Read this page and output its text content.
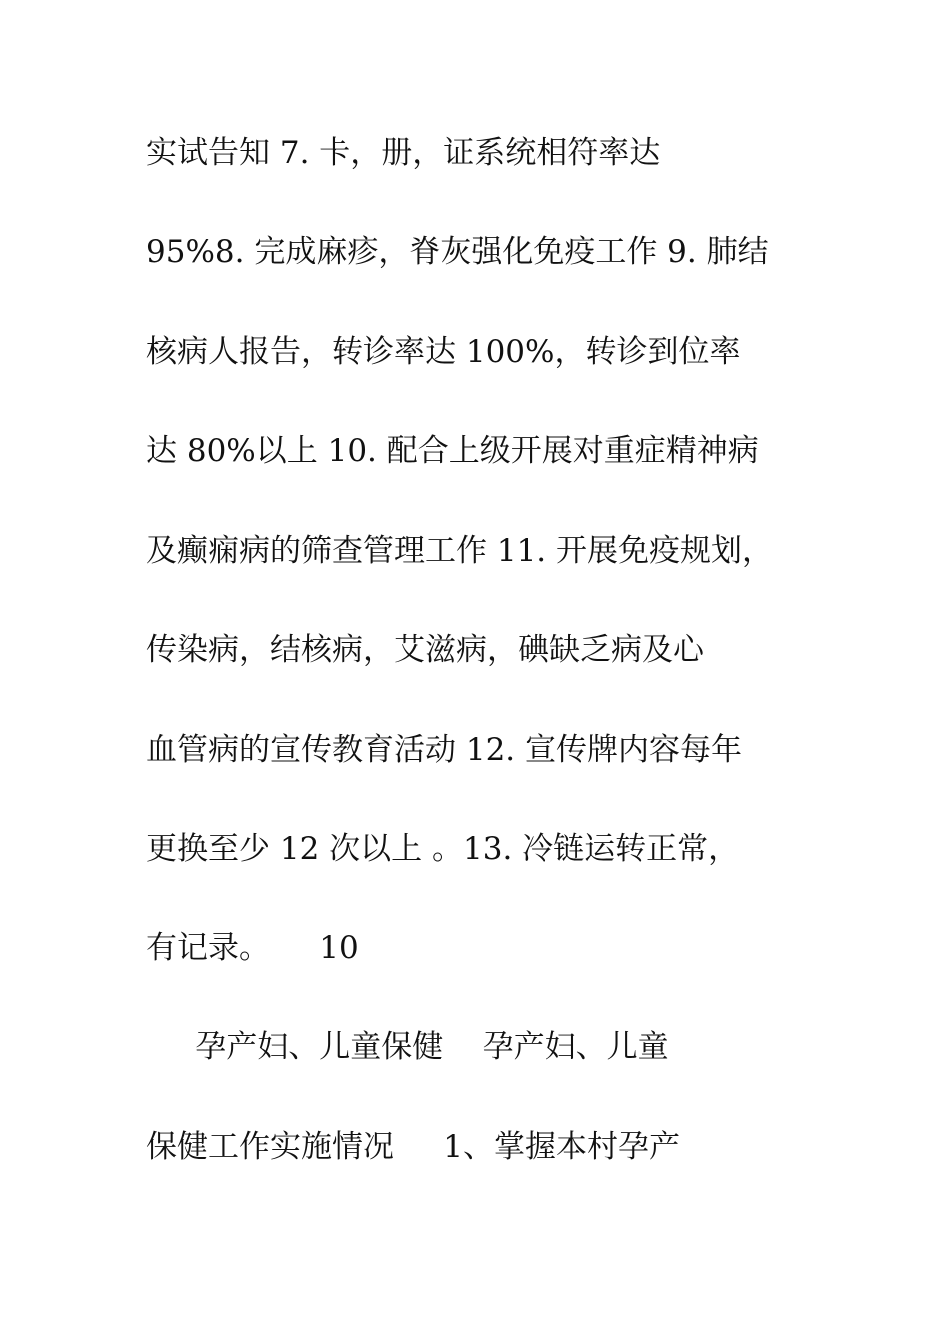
实试告知 7. 卡，册，证系统相符率达
95%8. 完成麻疹，脊灰强化免疫工作 9. 肺结
核病人报告，转诊率达 100%，转诊到位率
达 80%以上 10. 配合上级开展对重症精神病
及癫痫病的筛查管理工作 11. 开展免疫规划，
传染病，结核病，艾滋病，碘缺乏病及心
血管病的宣传教育活动 12. 宣传牌内容每年
更换至少 12 次以上 。13. 冷链运转正常，
有记录。     10
孕产妇、儿童保健    孕产妇、儿童
保健工作实施情况     1、掌握本村孕产
